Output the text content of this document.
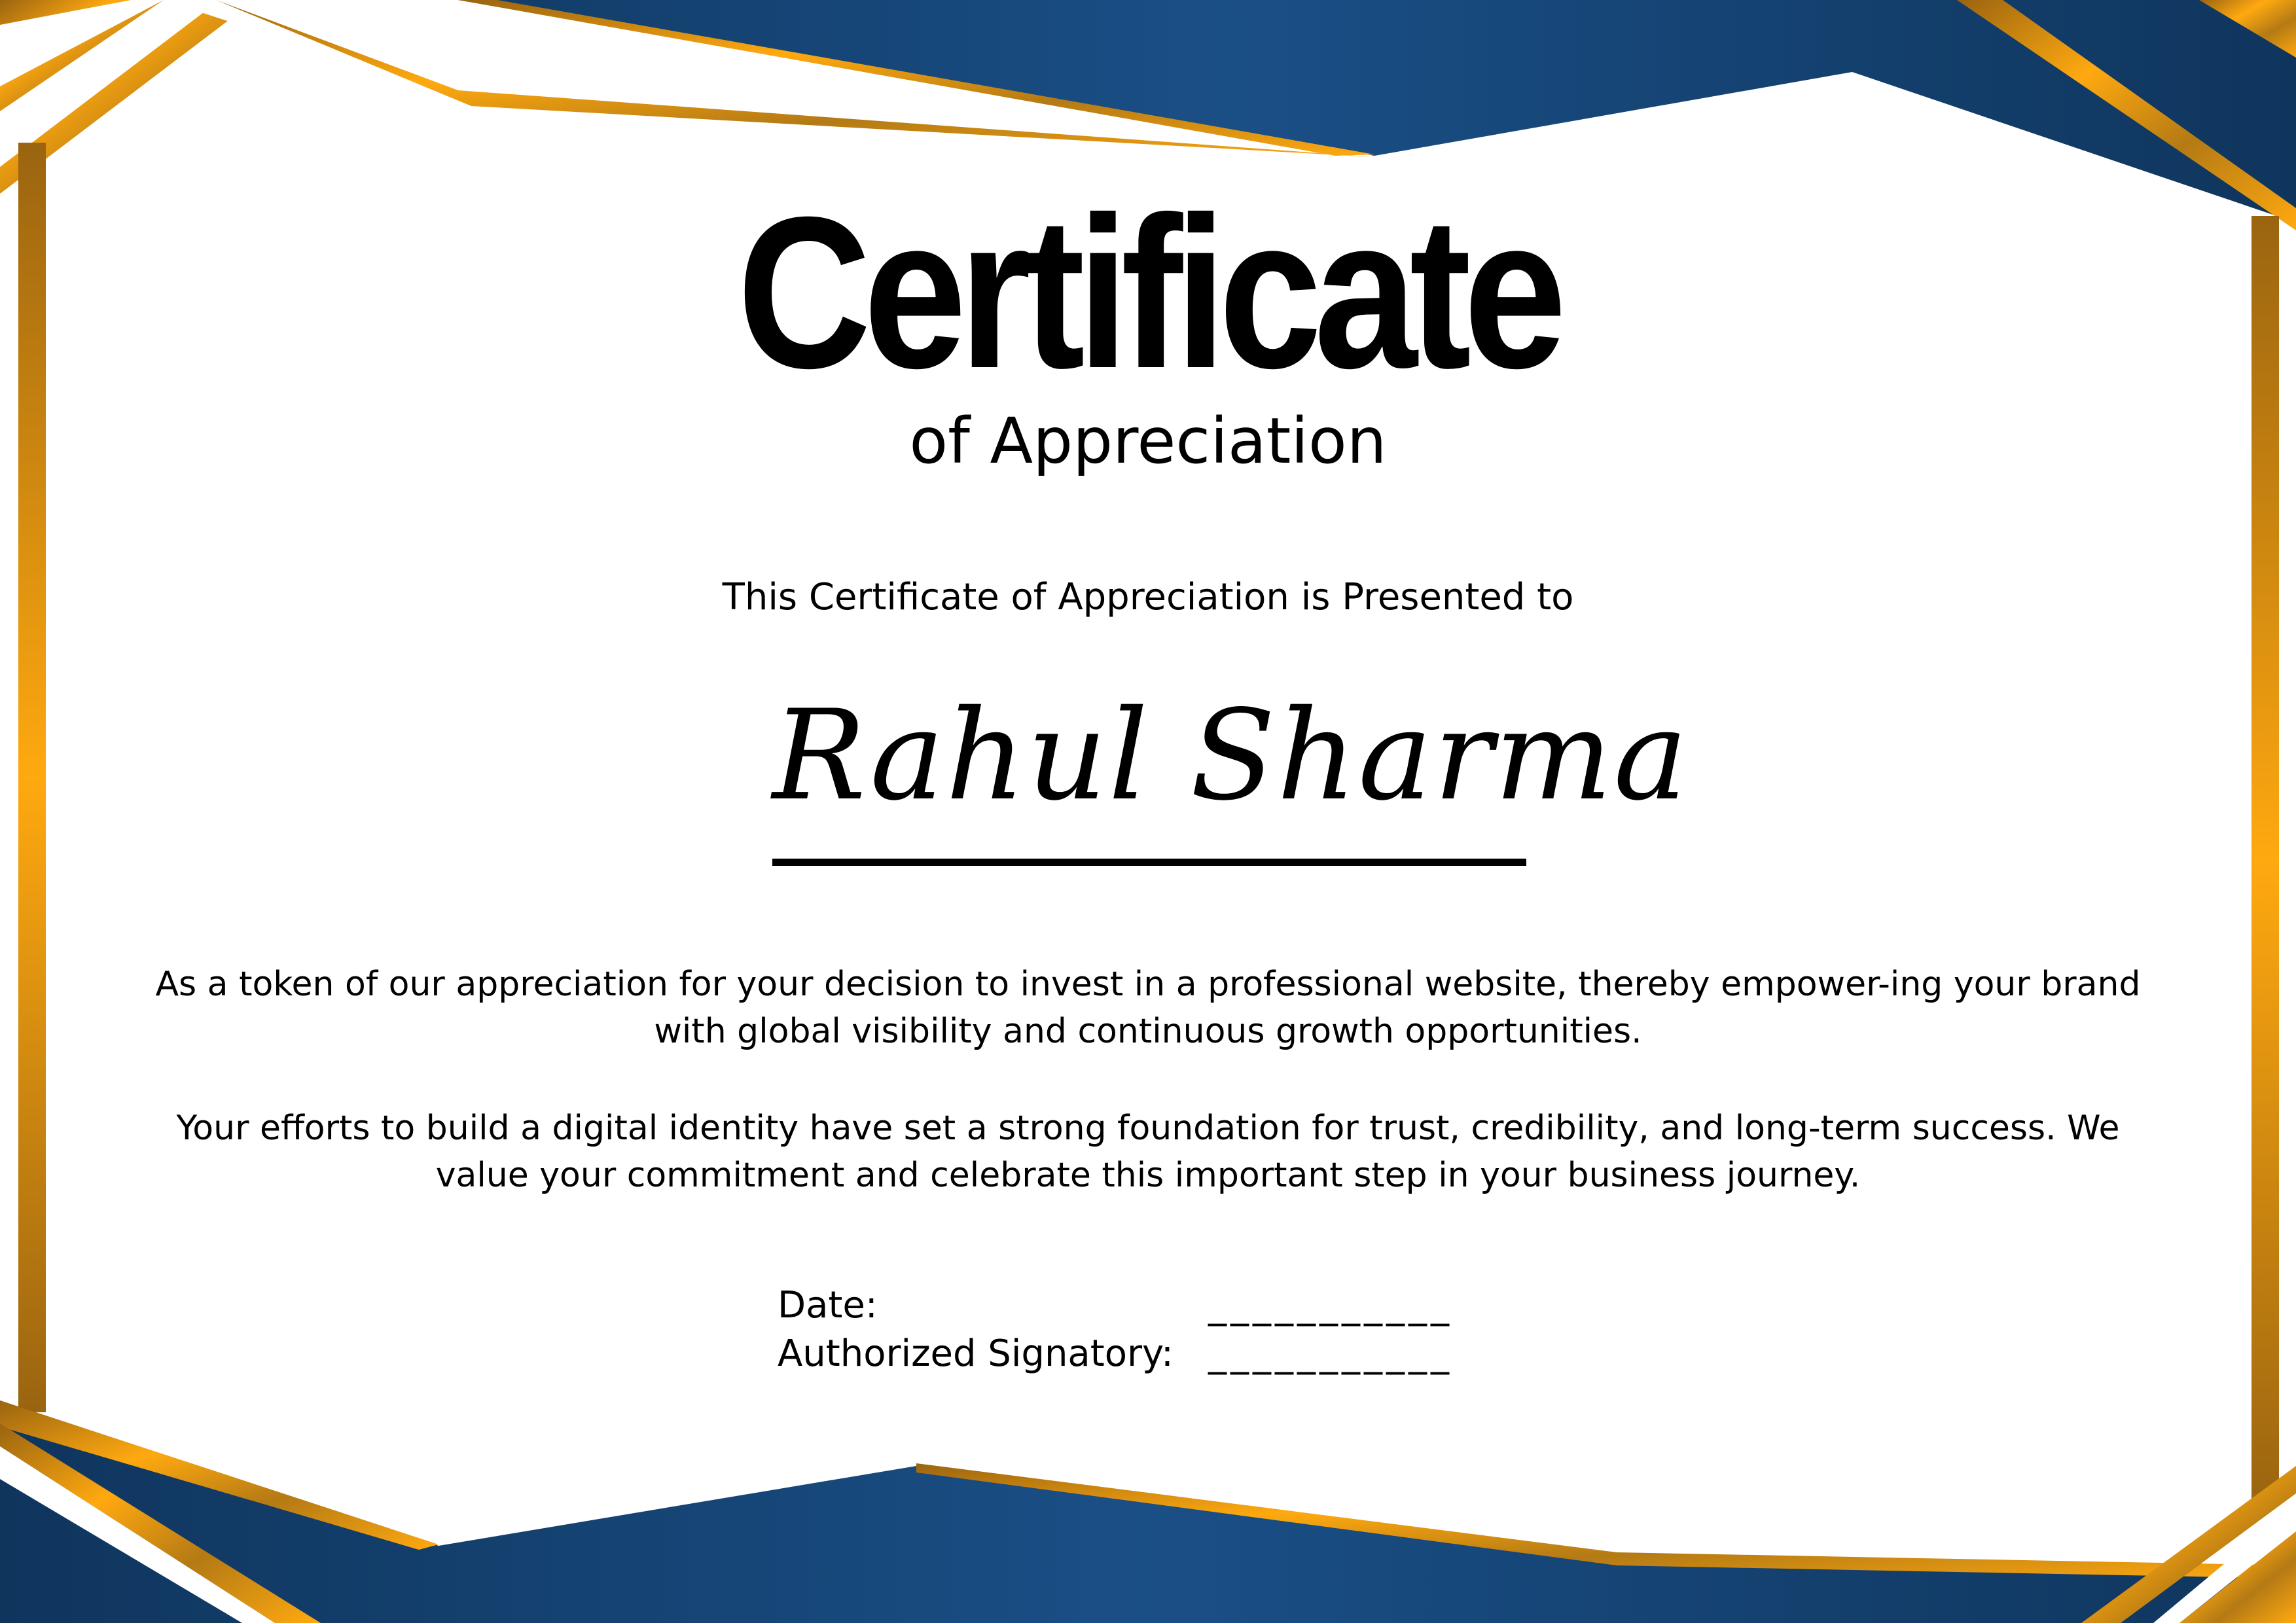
Certificate
of Appreciation
This Certificate of Appreciation is Presented to
Rahul Sharma

As a token of our appreciation for your decision to invest in a professional website, thereby empower-ing your brand with global visibility and continuous growth opportunities.

Your efforts to build a digital identity have set a strong foundation for trust, credibility, and long-term success. We value your commitment and celebrate this important step in your business journey.

Date:	___________
Authorized Signatory: ___________
